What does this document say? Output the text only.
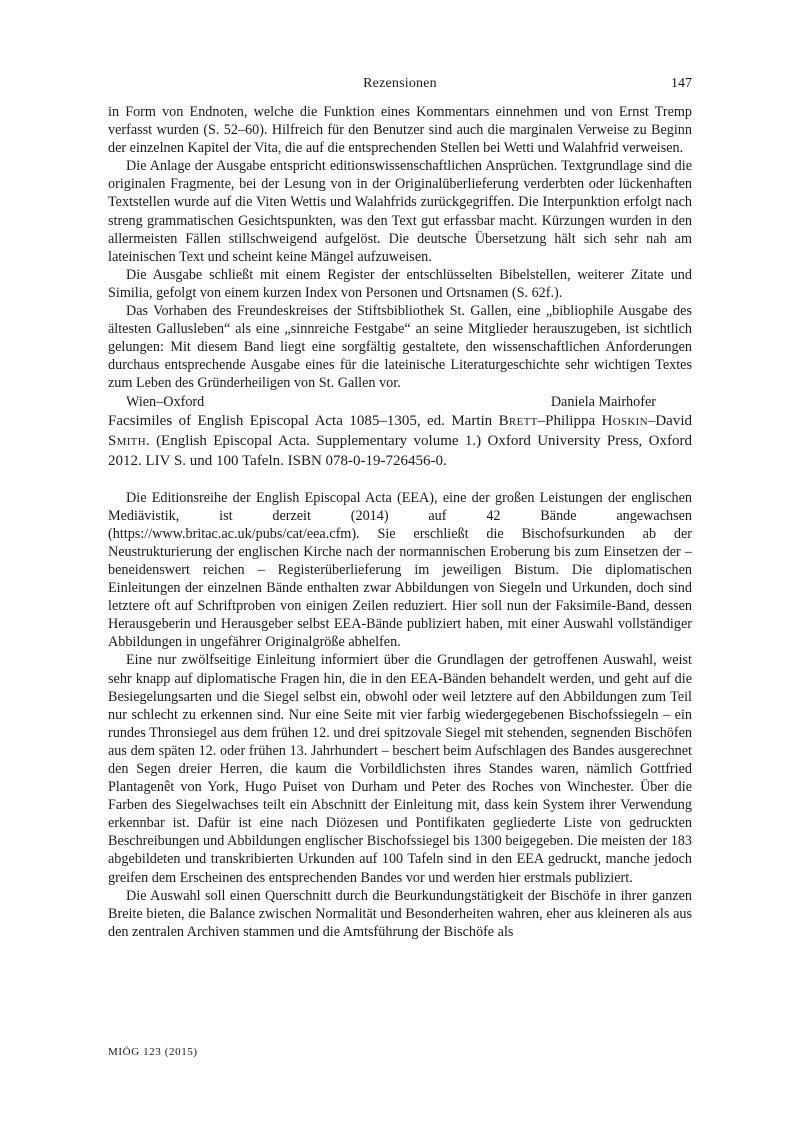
Rezensionen	147

in Form von Endnoten, welche die Funktion eines Kommentars einnehmen und von Ernst Tremp verfasst wurden (S. 52–60). Hilfreich für den Benutzer sind auch die marginalen Verweise zu Beginn der einzelnen Kapitel der Vita, die auf die entsprechenden Stellen bei Wetti und Walahfrid verweisen.

Die Anlage der Ausgabe entspricht editionswissenschaftlichen Ansprüchen. Textgrundlage sind die originalen Fragmente, bei der Lesung von in der Originalüberlieferung verderbten oder lückenhaften Textstellen wurde auf die Viten Wettis und Walahfrids zurückgegriffen. Die Interpunktion erfolgt nach streng grammatischen Gesichtspunkten, was den Text gut erfassbar macht. Kürzungen wurden in den allermeisten Fällen stillschweigend aufgelöst. Die deutsche Übersetzung hält sich sehr nah am lateinischen Text und scheint keine Mängel aufzuweisen.

Die Ausgabe schließt mit einem Register der entschlüsselten Bibelstellen, weiterer Zitate und Similia, gefolgt von einem kurzen Index von Personen und Ortsnamen (S. 62f.).

Das Vorhaben des Freundeskreises der Stiftsbibliothek St. Gallen, eine „bibliophile Ausgabe des ältesten Gallusleben“ als eine „sinnreiche Festgabe“ an seine Mitglieder herauszugeben, ist sichtlich gelungen: Mit diesem Band liegt eine sorgfältig gestaltete, den wissenschaftlichen Anforderungen durchaus entsprechende Ausgabe eines für die lateinische Literaturgeschichte sehr wichtigen Textes zum Leben des Gründerheiligen von St. Gallen vor.

Wien–Oxford	Daniela Mairhofer

Facsimiles of English Episcopal Acta 1085–1305, ed. Martin Brett–Philippa Hoskin–David Smith. (English Episcopal Acta. Supplementary volume 1.) Oxford University Press, Oxford 2012. LIV S. und 100 Tafeln. ISBN 078-0-19-726456-0.

Die Editionsreihe der English Episcopal Acta (EEA), eine der großen Leistungen der englischen Mediävistik, ist derzeit (2014) auf 42 Bände angewachsen (https://www.britac.ac.uk/pubs/cat/eea.cfm). Sie erschließt die Bischofsurkunden ab der Neustrukturierung der englischen Kirche nach der normannischen Eroberung bis zum Einsetzen der – beneidenswert reichen – Registerüberlieferung im jeweiligen Bistum. Die diplomatischen Einleitungen der einzelnen Bände enthalten zwar Abbildungen von Siegeln und Urkunden, doch sind letztere oft auf Schriftproben von einigen Zeilen reduziert. Hier soll nun der Faksimile-Band, dessen Herausgeberin und Herausgeber selbst EEA-Bände publiziert haben, mit einer Auswahl vollständiger Abbildungen in ungefährer Originalgröße abhelfen.

Eine nur zwölfseitige Einleitung informiert über die Grundlagen der getroffenen Auswahl, weist sehr knapp auf diplomatische Fragen hin, die in den EEA-Bänden behandelt werden, und geht auf die Besiegelungsarten und die Siegel selbst ein, obwohl oder weil letztere auf den Abbildungen zum Teil nur schlecht zu erkennen sind. Nur eine Seite mit vier farbig wiedergegebenen Bischofssiegeln – ein rundes Thronsiegel aus dem frühen 12. und drei spitzovale Siegel mit stehenden, segnenden Bischöfen aus dem späten 12. oder frühen 13. Jahrhundert – beschert beim Aufschlagen des Bandes ausgerechnet den Segen dreier Herren, die kaum die Vorbildlichsten ihres Standes waren, nämlich Gottfried Plantagenêt von York, Hugo Puiset von Durham und Peter des Roches von Winchester. Über die Farben des Siegelwachses teilt ein Abschnitt der Einleitung mit, dass kein System ihrer Verwendung erkennbar ist. Dafür ist eine nach Diözesen und Pontifikaten gegliederte Liste von gedruckten Beschreibungen und Abbildungen englischer Bischofssiegel bis 1300 beigegeben. Die meisten der 183 abgebildeten und transkribierten Urkunden auf 100 Tafeln sind in den EEA gedruckt, manche jedoch greifen dem Erscheinen des entsprechenden Bandes vor und werden hier erstmals publiziert.

Die Auswahl soll einen Querschnitt durch die Beurkundungstätigkeit der Bischöfe in ihrer ganzen Breite bieten, die Balance zwischen Normalität und Besonderheiten wahren, eher aus kleineren als aus den zentralen Archiven stammen und die Amtsführung der Bischöfe als

MIÖG 123 (2015)
